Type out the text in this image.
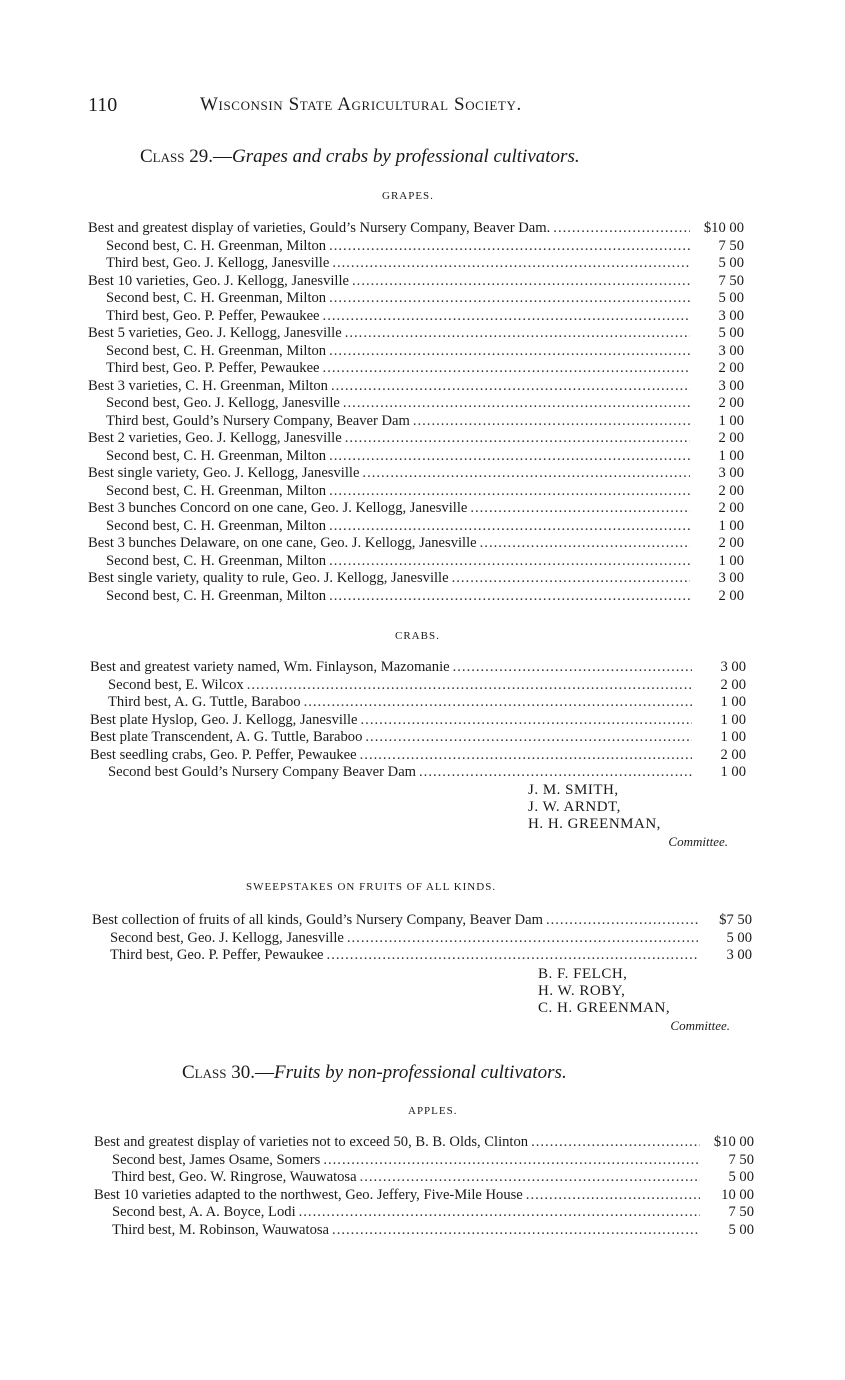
110	Wisconsin State Agricultural Society.
Class 29.—Grapes and crabs by professional cultivators.
GRAPES.
Best and greatest display of varieties, Gould’s Nursery Company, Beaver Dam. .....	$10 00
Second best, C. H. Greenman, Milton .....	7 50
Third best, Geo. J. Kellogg, Janesville .....	5 00
Best 10 varieties, Geo. J. Kellogg, Janesville .....	7 50
Second best, C. H. Greenman, Milton .....	5 00
Third best, Geo. P. Peffer, Pewaukee .....	3 00
Best 5 varieties, Geo. J. Kellogg, Janesville .....	5 00
Second best, C. H. Greenman, Milton .....	3 00
Third best, Geo. P. Peffer, Pewaukee .....	2 00
Best 3 varieties, C. H. Greenman, Milton .....	3 00
Second best, Geo. J. Kellogg, Janesville .....	2 00
Third best, Gould’s Nursery Company, Beaver Dam .....	1 00
Best 2 varieties, Geo. J. Kellogg, Janesville .....	2 00
Second best, C. H. Greenman, Milton .....	1 00
Best single variety, Geo. J. Kellogg, Janesville .....	3 00
Second best, C. H. Greenman, Milton .....	2 00
Best 3 bunches Concord on one cane, Geo. J. Kellogg, Janesville .....	2 00
Second best, C. H. Greenman, Milton .....	1 00
Best 3 bunches Delaware, on one cane, Geo. J. Kellogg, Janesville .....	2 00
Second best, C. H. Greenman, Milton .....	1 00
Best single variety, quality to rule, Geo. J. Kellogg, Janesville .....	3 00
Second best, C. H. Greenman, Milton .....	2 00
CRABS.
Best and greatest variety named, Wm. Finlayson, Mazomanie .....	3 00
Second best, E. Wilcox .....	2 00
Third best, A. G. Tuttle, Baraboo .....	1 00
Best plate Hyslop, Geo. J. Kellogg, Janesville .....	1 00
Best plate Transcendent, A. G. Tuttle, Baraboo .....	1 00
Best seedling crabs, Geo. P. Peffer, Pewaukee .....	2 00
Second best Gould’s Nursery Company Beaver Dam .....	1 00
J. M. SMITH,
J. W. ARNDT,
H. H. GREENMAN,
Committee.
SWEEPSTAKES ON FRUITS OF ALL KINDS.
Best collection of fruits of all kinds, Gould’s Nursery Company, Beaver Dam .....	$7 50
Second best, Geo. J. Kellogg, Janesville .....	5 00
Third best, Geo. P. Peffer, Pewaukee .....	3 00
B. F. FELCH,
H. W. ROBY,
C. H. GREENMAN,
Committee.
Class 30.—Fruits by non-professional cultivators.
APPLES.
Best and greatest display of varieties not to exceed 50, B. B. Olds, Clinton .....	$10 00
Second best, James Osame, Somers .....	7 50
Third best, Geo. W. Ringrose, Wauwatosa .....	5 00
Best 10 varieties adapted to the northwest, Geo. Jeffery, Five-Mile House .....	10 00
Second best, A. A. Boyce, Lodi .....	7 50
Third best, M. Robinson, Wauwatosa .....	5 00
